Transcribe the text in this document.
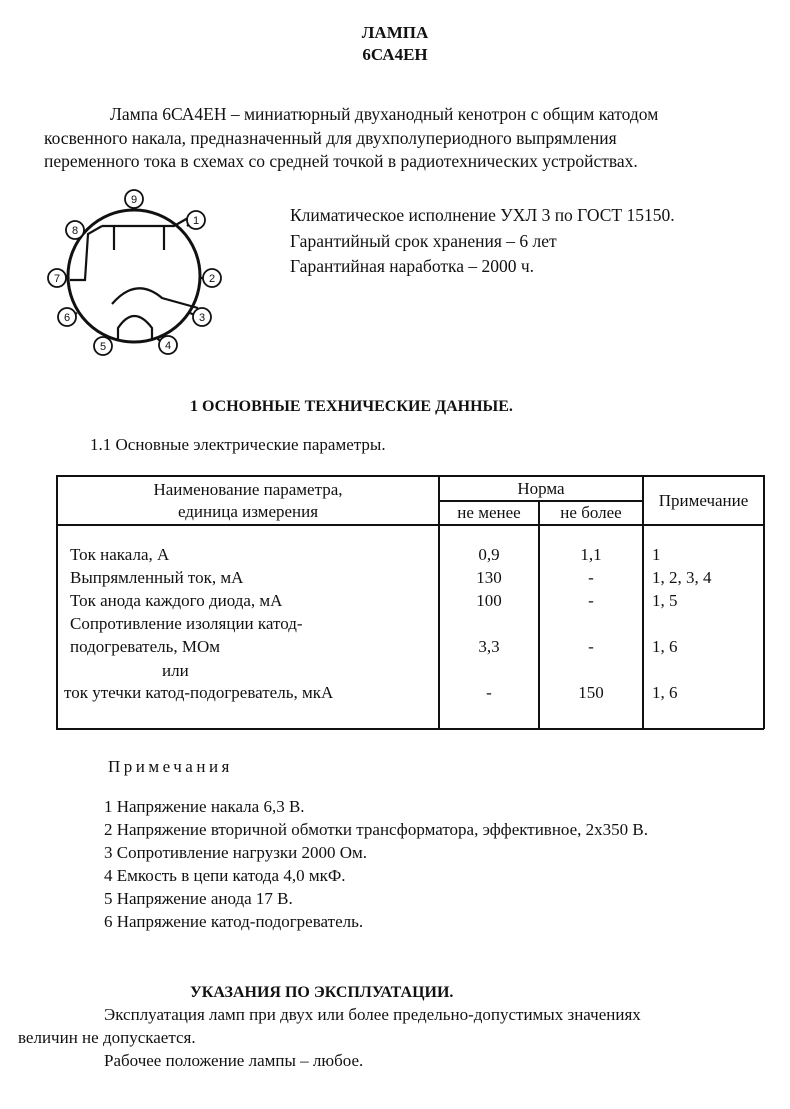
ЛАМПА
6СА4ЕН
Лампа 6СА4ЕН – миниатюрный двуханодный кенотрон с общим катодом
косвенного накала, предназначенный для двухполупериодного выпрямления
переменного тока в схемах со средней точкой в радиотехнических устройствах.
1
2
3
4
5
6
7
8
9
Климатическое исполнение УХЛ 3 по ГОСТ 15150.
Гарантийный срок хранения – 6 лет
Гарантийная наработка – 2000 ч.
1 ОСНОВНЫЕ ТЕХНИЧЕСКИЕ ДАННЫЕ.
1.1 Основные электрические параметры.
Наименование параметра,
единица измерения
Норма
не менее	не более
Примечание
Ток накала, А	0,9	1,1	1
Выпрямленный ток, мА	130	-	1, 2, 3, 4
Ток анода каждого диода, мА	100	-	1, 5
Сопротивление изоляции катод-
подогреватель, МОм	3,3	-	1, 6
или
ток утечки катод-подогреватель, мкА	-	150	1, 6
Примечания
1 Напряжение накала 6,3 В.
2 Напряжение вторичной обмотки трансформатора, эффективное, 2х350 В.
3 Сопротивление нагрузки 2000 Ом.
4 Емкость в цепи катода 4,0 мкФ.
5 Напряжение анода 17 В.
6 Напряжение катод-подогреватель.
УКАЗАНИЯ ПО ЭКСПЛУАТАЦИИ.
Эксплуатация ламп при двух или более предельно-допустимых значениях
величин не допускается.
Рабочее положение лампы – любое.
